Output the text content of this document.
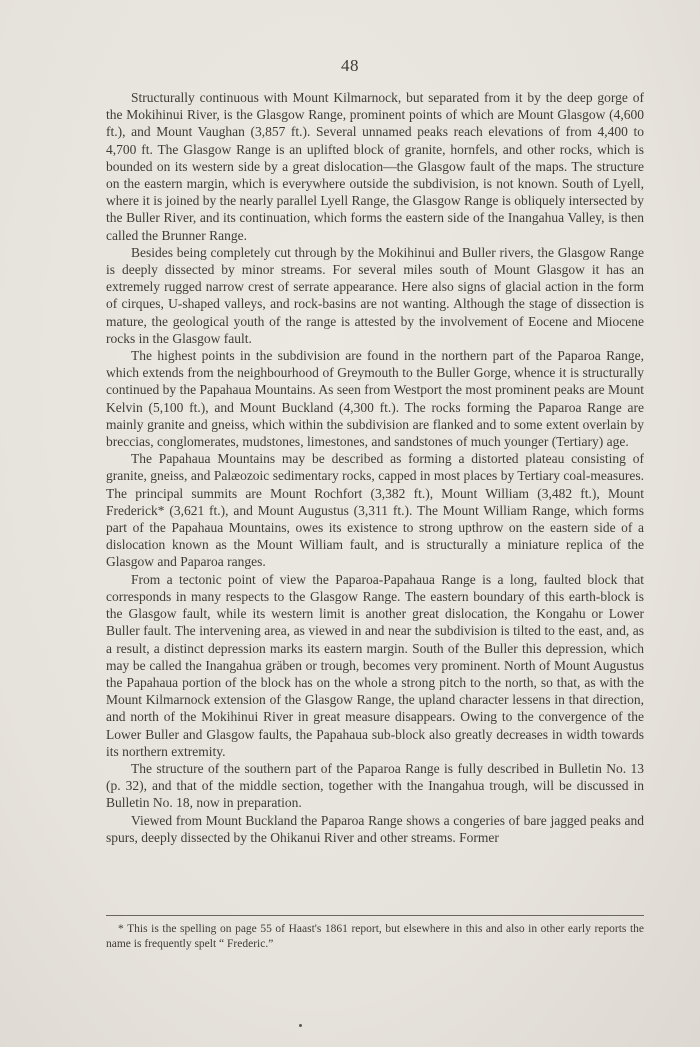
48

Structurally continuous with Mount Kilmarnock, but separated from it by the deep gorge of the Mokihinui River, is the Glasgow Range, prominent points of which are Mount Glasgow (4,600 ft.), and Mount Vaughan (3,857 ft.). Several unnamed peaks reach elevations of from 4,400 to 4,700 ft. The Glasgow Range is an uplifted block of granite, hornfels, and other rocks, which is bounded on its western side by a great dislocation—the Glasgow fault of the maps. The structure on the eastern margin, which is everywhere outside the subdivision, is not known. South of Lyell, where it is joined by the nearly parallel Lyell Range, the Glasgow Range is obliquely intersected by the Buller River, and its continuation, which forms the eastern side of the Inangahua Valley, is then called the Brunner Range.

Besides being completely cut through by the Mokihinui and Buller rivers, the Glasgow Range is deeply dissected by minor streams. For several miles south of Mount Glasgow it has an extremely rugged narrow crest of serrate appearance. Here also signs of glacial action in the form of cirques, U-shaped valleys, and rock-basins are not wanting. Although the stage of dissection is mature, the geological youth of the range is attested by the involvement of Eocene and Miocene rocks in the Glasgow fault.

The highest points in the subdivision are found in the northern part of the Paparoa Range, which extends from the neighbourhood of Greymouth to the Buller Gorge, whence it is structurally continued by the Papahaua Mountains. As seen from Westport the most prominent peaks are Mount Kelvin (5,100 ft.), and Mount Buckland (4,300 ft.). The rocks forming the Paparoa Range are mainly granite and gneiss, which within the subdivision are flanked and to some extent overlain by breccias, conglomerates, mudstones, limestones, and sandstones of much younger (Tertiary) age.

The Papahaua Mountains may be described as forming a distorted plateau consisting of granite, gneiss, and Palæozoic sedimentary rocks, capped in most places by Tertiary coal-measures. The principal summits are Mount Rochfort (3,382 ft.), Mount William (3,482 ft.), Mount Frederick* (3,621 ft.), and Mount Augustus (3,311 ft.). The Mount William Range, which forms part of the Papahaua Mountains, owes its existence to strong upthrow on the eastern side of a dislocation known as the Mount William fault, and is structurally a miniature replica of the Glasgow and Paparoa ranges.

From a tectonic point of view the Paparoa-Papahaua Range is a long, faulted block that corresponds in many respects to the Glasgow Range. The eastern boundary of this earth-block is the Glasgow fault, while its western limit is another great dislocation, the Kongahu or Lower Buller fault. The intervening area, as viewed in and near the subdivision is tilted to the east, and, as a result, a distinct depression marks its eastern margin. South of the Buller this depression, which may be called the Inangahua gräben or trough, becomes very prominent. North of Mount Augustus the Papahaua portion of the block has on the whole a strong pitch to the north, so that, as with the Mount Kilmarnock extension of the Glasgow Range, the upland character lessens in that direction, and north of the Mokihinui River in great measure disappears. Owing to the convergence of the Lower Buller and Glasgow faults, the Papahaua sub-block also greatly decreases in width towards its northern extremity.

The structure of the southern part of the Paparoa Range is fully described in Bulletin No. 13 (p. 32), and that of the middle section, together with the Inangahua trough, will be discussed in Bulletin No. 18, now in preparation.

Viewed from Mount Buckland the Paparoa Range shows a congeries of bare jagged peaks and spurs, deeply dissected by the Ohikanui River and other streams. Former

* This is the spelling on page 55 of Haast's 1861 report, but elsewhere in this and also in other early reports the name is frequently spelt “ Frederic.”
